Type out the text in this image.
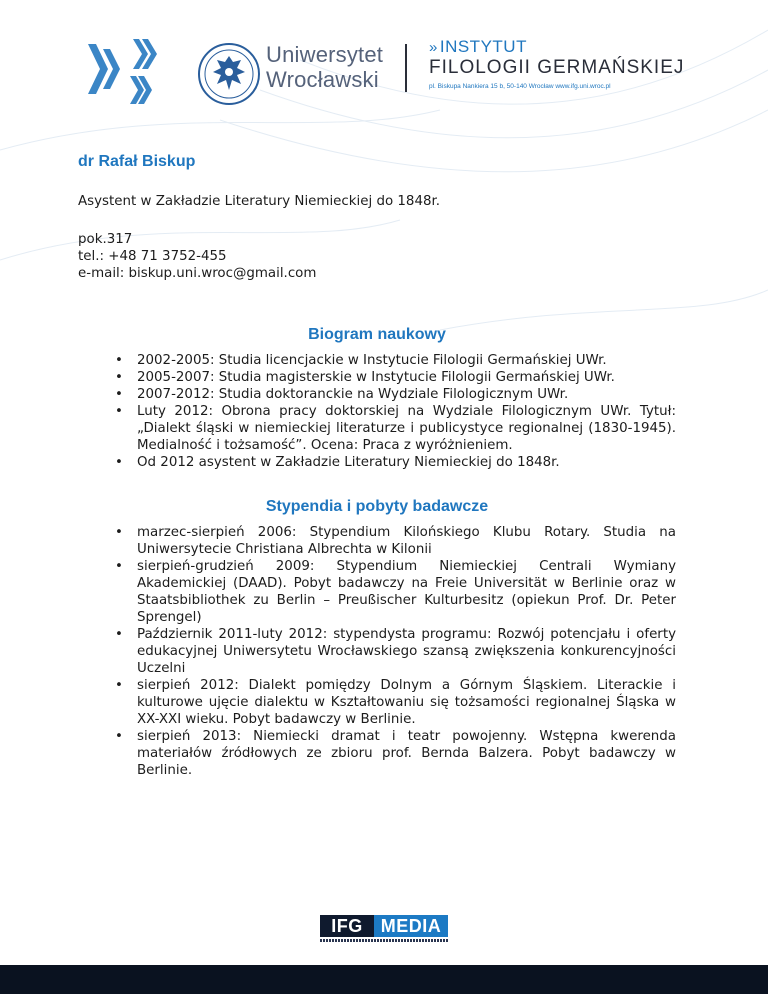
Uniwersytet
Wrocławski
» INSTYTUT
FILOLOGII GERMAŃSKIEJ
pl. Biskupa Nankiera 15 b, 50-140 Wrocław www.ifg.uni.wroc.pl
dr Rafał Biskup
Asystent w Zakładzie Literatury Niemieckiej do 1848r.
pok.317
tel.: +48 71 3752-455
e-mail: biskup.uni.wroc@gmail.com
Biogram naukowy
• 2002-2005: Studia licencjackie w Instytucie Filologii Germańskiej UWr.
• 2005-2007: Studia magisterskie w Instytucie Filologii Germańskiej UWr.
• 2007-2012: Studia doktoranckie na Wydziale Filologicznym UWr.
• Luty 2012: Obrona pracy doktorskiej na Wydziale Filologicznym UWr. Tytuł: „Dialekt śląski w niemieckiej literaturze i publicystyce regionalnej (1830-1945). Medialność i tożsamość”. Ocena: Praca z wyróżnieniem.
• Od 2012 asystent w Zakładzie Literatury Niemieckiej do 1848r.
Stypendia i pobyty badawcze
• marzec-sierpień 2006: Stypendium Kilońskiego Klubu Rotary. Studia na Uniwersytecie Christiana Albrechta w Kilonii
• sierpień-grudzień 2009: Stypendium Niemieckiej Centrali Wymiany Akademickiej (DAAD). Pobyt badawczy na Freie Universität w Berlinie oraz w Staatsbibliothek zu Berlin – Preußischer Kulturbesitz (opiekun Prof. Dr. Peter Sprengel)
• Październik 2011-luty 2012: stypendysta programu: Rozwój potencjału i oferty edukacyjnej Uniwersytetu Wrocławskiego szansą zwiększenia konkurencyjności Uczelni
• sierpień 2012: Dialekt pomiędzy Dolnym a Górnym Śląskiem. Literackie i kulturowe ujęcie dialektu w Kształtowaniu się tożsamości regionalnej Śląska w XX-XXI wieku. Pobyt badawczy w Berlinie.
• sierpień 2013: Niemiecki dramat i teatr powojenny. Wstępna kwerenda materiałów źródłowych ze zbioru prof. Bernda Balzera. Pobyt badawczy w Berlinie.
IFG	MEDIA
